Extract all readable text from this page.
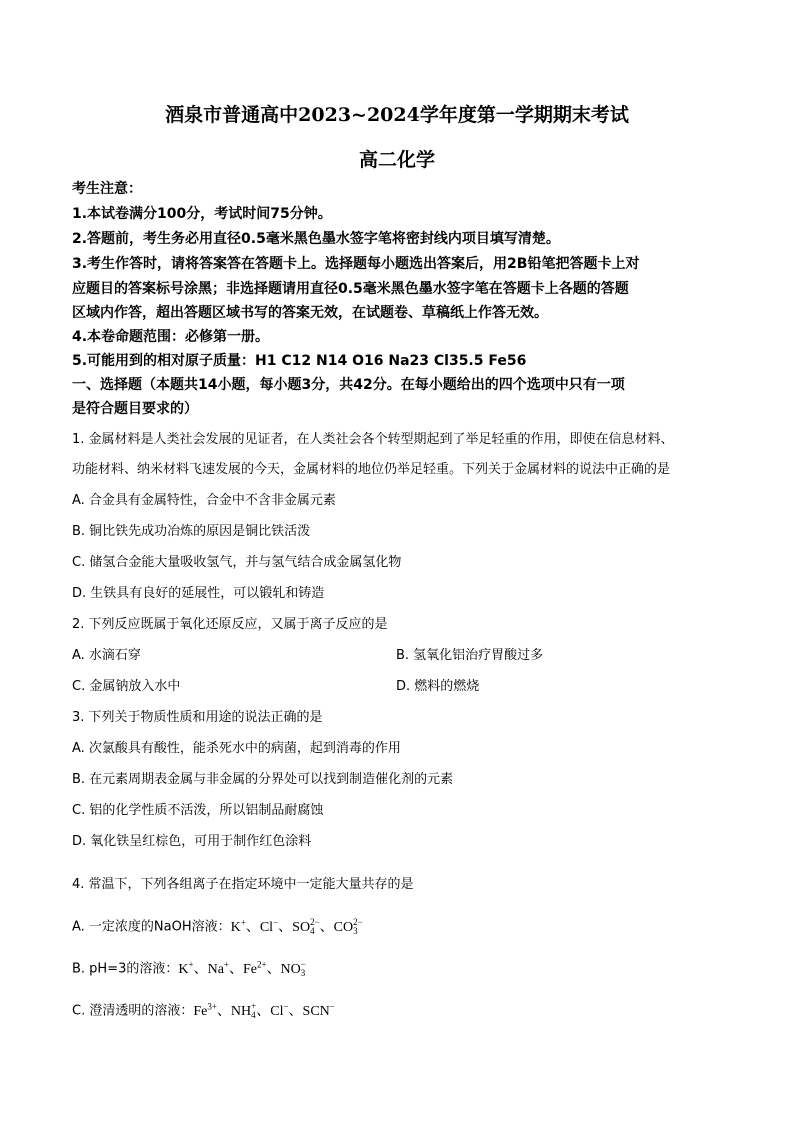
酒泉市普通高中2023~2024学年度第一学期期末考试
高二化学
考生注意：
1.本试卷满分100分，考试时间75分钟。
2.答题前，考生务必用直径0.5毫米黑色墨水签字笔将密封线内项目填写清楚。
3.考生作答时，请将答案答在答题卡上。选择题每小题选出答案后，用2B铅笔把答题卡上对
应题目的答案标号涂黑；非选择题请用直径0.5毫米黑色墨水签字笔在答题卡上各题的答题
区域内作答，超出答题区域书写的答案无效，在试题卷、草稿纸上作答无效。
4.本卷命题范围：必修第一册。
5.可能用到的相对原子质量：H1 C12 N14 O16 Na23 Cl35.5 Fe56
一、选择题（本题共14小题，每小题3分，共42分。在每小题给出的四个选项中只有一项
是符合题目要求的）
1. 金属材料是人类社会发展的见证者，在人类社会各个转型期起到了举足轻重的作用，即使在信息材料、
功能材料、纳米材料飞速发展的今天，金属材料的地位仍举足轻重。下列关于金属材料的说法中正确的是
A. 合金具有金属特性，合金中不含非金属元素
B. 铜比铁先成功冶炼的原因是铜比铁活泼
C. 储氢合金能大量吸收氢气，并与氢气结合成金属氢化物
D. 生铁具有良好的延展性，可以锻轧和铸造
2. 下列反应既属于氧化还原反应，又属于离子反应的是
A. 水滴石穿	B. 氢氧化铝治疗胃酸过多
C. 金属钠放入水中	D. 燃料的燃烧
3. 下列关于物质性质和用途的说法正确的是
A. 次氯酸具有酸性，能杀死水中的病菌，起到消毒的作用
B. 在元素周期表金属与非金属的分界处可以找到制造催化剂的元素
C. 铝的化学性质不活泼，所以铝制品耐腐蚀
D. 氧化铁呈红棕色，可用于制作红色涂料
4. 常温下，下列各组离子在指定环境中一定能大量共存的是
A. 一定浓度的NaOH溶液：K+、Cl−、SO 2−
4 、CO 2−
3
B. pH=3的溶液：K+、Na+、$Fe^{2+}$、NO −
3
C. 澄清透明的溶液：$Fe^{3+}$、NH +
4 、Cl−、SCN−
